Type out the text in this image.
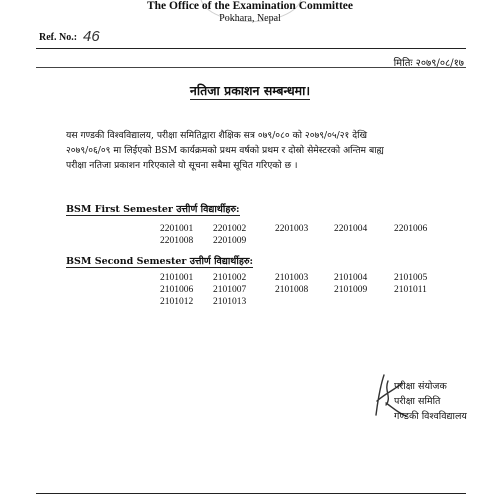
The Office of the Examination Committee
Pokhara, Nepal
Ref. No.: 46
मितिः २०७९/०८/१७
नतिजा प्रकाशन सम्बन्धमा।
यस गण्डकी विश्वविद्यालय, परीक्षा समितिद्वारा शैक्षिक सत्र ०७९/०८० को २०७९/०५/२१ देखि
२०७९/०६/०९ मा लिईएको BSM कार्यक्रमको प्रथम वर्षको प्रथम र दोस्रो सेमेस्टरको अन्तिम बाह्य
परीक्षा नतिजा प्रकाशन गरिएकाले यो सूचना सबैमा सूचित गरिएको छ ।
BSM First Semester उत्तीर्ण विद्यार्थीहरु:
2201001	2201002	2201003	2201004	2201006
2201008	2201009
BSM Second Semester उत्तीर्ण विद्यार्थीहरु:
2101001	2101002	2101003	2101004	2101005
2101006	2101007	2101008	2101009	2101011
2101012	2101013
परीक्षा संयोजक
परीक्षा समिति
गण्डकी विश्वविद्यालय
